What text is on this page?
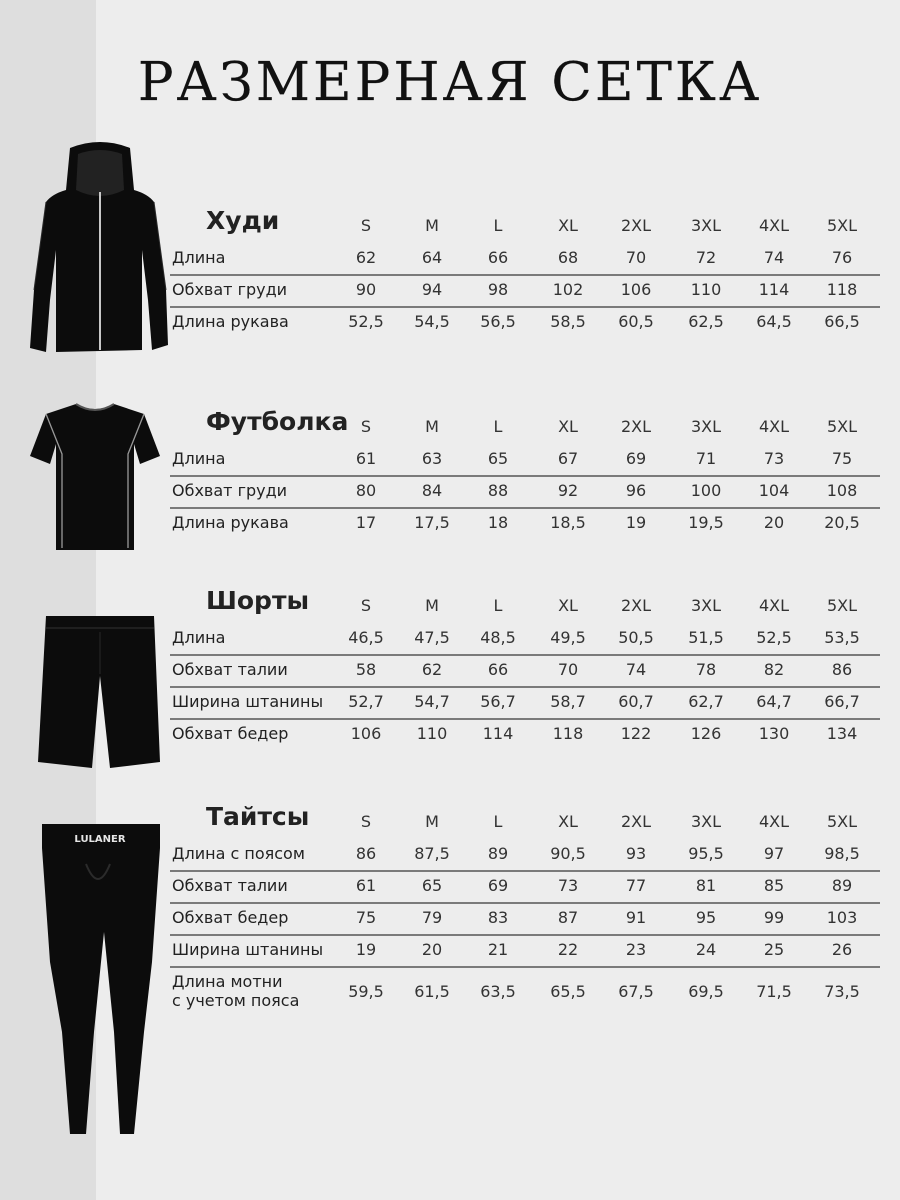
РАЗМЕРНАЯ СЕТКА
LULANER
Худи	S	M	L	XL	2XL	3XL	4XL	5XL
Длина	62	64	66	68	70	72	74	76
Обхват груди	90	94	98	102	106	110	114	118
Длина рукава	52,5	54,5	56,5	58,5	60,5	62,5	64,5	66,5
Футболка S	M	L	XL	2XL	3XL	4XL	5XL
Длина	61	63	65	67	69	71	73	75
Обхват груди	80	84	88	92	96	100	104	108
Длина рукава	17	17,5	18	18,5	19	19,5	20	20,5
Шорты	S	M	L	XL	2XL	3XL	4XL	5XL
Длина	46,5	47,5	48,5	49,5	50,5	51,5	52,5	53,5
Обхват талии	58	62	66	70	74	78	82	86
Ширина штанины	52,7	54,7	56,7	58,7	60,7	62,7	64,7	66,7
Обхват бедер	106	110	114	118	122	126	130	134
Тайтсы	S	M	L	XL	2XL	3XL	4XL	5XL
Длина с поясом	86	87,5	89	90,5	93	95,5	97	98,5
Обхват талии	61	65	69	73	77	81	85	89
Обхват бедер	75	79	83	87	91	95	99	103
Ширина штанины	19	20	21	22	23	24	25	26
Длина мотни
с учетом пояса	59,5	61,5	63,5	65,5	67,5	69,5	71,5	73,5
